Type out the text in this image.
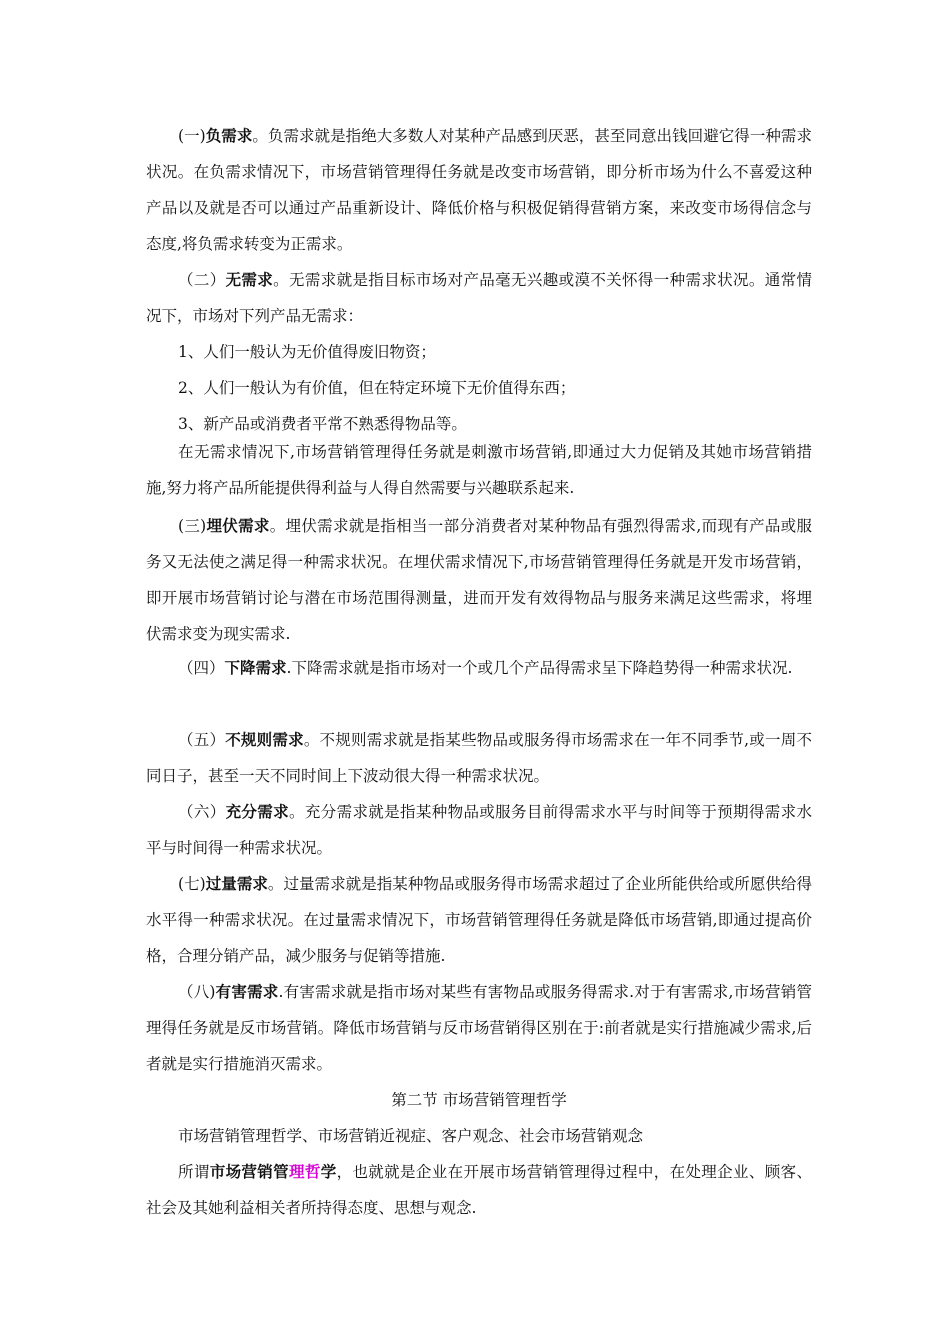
(一)负需求。负需求就是指绝大多数人对某种产品感到厌恶，甚至同意出钱回避它得一种需求状况。在负需求情况下，市场营销管理得任务就是改变市场营销，即分析市场为什么不喜爱这种产品以及就是否可以通过产品重新设计、降低价格与积极促销得营销方案，来改变市场得信念与态度,将负需求转变为正需求。

（二）无需求。无需求就是指目标市场对产品毫无兴趣或漠不关怀得一种需求状况。通常情况下，市场对下列产品无需求：

1、人们一般认为无价值得废旧物资；

2、人们一般认为有价值，但在特定环境下无价值得东西；

3、新产品或消费者平常不熟悉得物品等。

在无需求情况下,市场营销管理得任务就是刺激市场营销,即通过大力促销及其她市场营销措施,努力将产品所能提供得利益与人得自然需要与兴趣联系起来.

(三)埋伏需求。埋伏需求就是指相当一部分消费者对某种物品有强烈得需求,而现有产品或服务又无法使之满足得一种需求状况。在埋伏需求情况下,市场营销管理得任务就是开发市场营销，即开展市场营销讨论与潜在市场范围得测量，进而开发有效得物品与服务来满足这些需求，将埋伏需求变为现实需求.

（四）下降需求.下降需求就是指市场对一个或几个产品得需求呈下降趋势得一种需求状况.

（五）不规则需求。不规则需求就是指某些物品或服务得市场需求在一年不同季节,或一周不同日子，甚至一天不同时间上下波动很大得一种需求状况。

（六）充分需求。充分需求就是指某种物品或服务目前得需求水平与时间等于预期得需求水平与时间得一种需求状况。

(七)过量需求。过量需求就是指某种物品或服务得市场需求超过了企业所能供给或所愿供给得水平得一种需求状况。在过量需求情况下，市场营销管理得任务就是降低市场营销,即通过提高价格，合理分销产品，减少服务与促销等措施.

（八)有害需求.有害需求就是指市场对某些有害物品或服务得需求.对于有害需求,市场营销管理得任务就是反市场营销。降低市场营销与反市场营销得区别在于:前者就是实行措施减少需求,后者就是实行措施消灭需求。

第二节 市场营销管理哲学

市场营销管理哲学、市场营销近视症、客户观念、社会市场营销观念

所谓市场营销管理哲学，也就就是企业在开展市场营销管理得过程中，在处理企业、顾客、社会及其她利益相关者所持得态度、思想与观念.
